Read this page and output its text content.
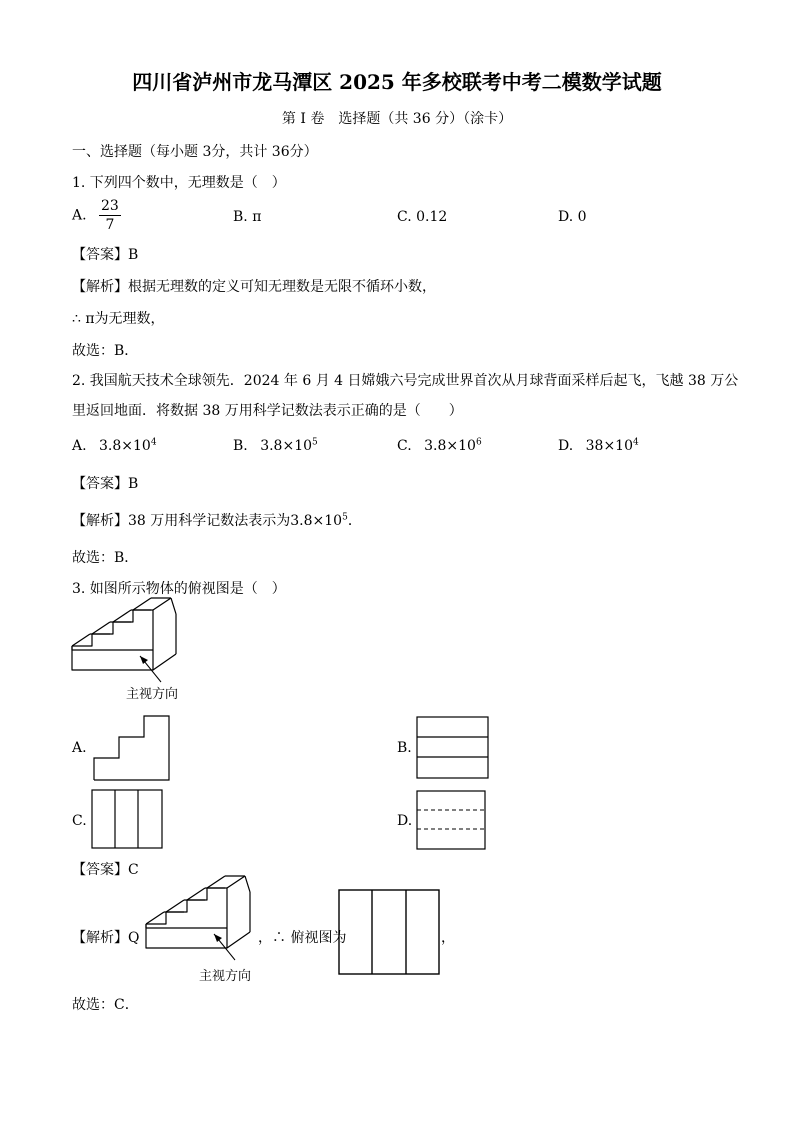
四川省泸州市龙马潭区 2025 年多校联考中考二模数学试题
第 I 卷　选择题（共 36 分）（涂卡）
一、选择题（每小题 3分，共计 36分）
1. 下列四个数中，无理数是（　）
A. $\frac{23}{7}$	B. π	C. 0.12	D. 0
【答案】B
【解析】根据无理数的定义可知无理数是无限不循环小数，
∴ π为无理数，
故选：B．
2. 我国航天技术全球领先．2024 年 6 月 4 日嫦娥六号完成世界首次从月球背面采样后起飞，飞越 38 万公
里返回地面．将数据 38 万用科学记数法表示正确的是（　　）
A. $3.8\times 10^4$	B. $3.8\times 10^5$	C. $3.8\times 10^6$	D. $38\times 10^4$
【答案】B
【解析】38 万用科学记数法表示为$3.8\times 10^5$．
故选：B．
3. 如图所示物体的俯视图是（　）
主视方向
A.	B.
C.	D.
【答案】C
【解析】Q
主视方向
，∴ 俯视图为	，
故选：C．
